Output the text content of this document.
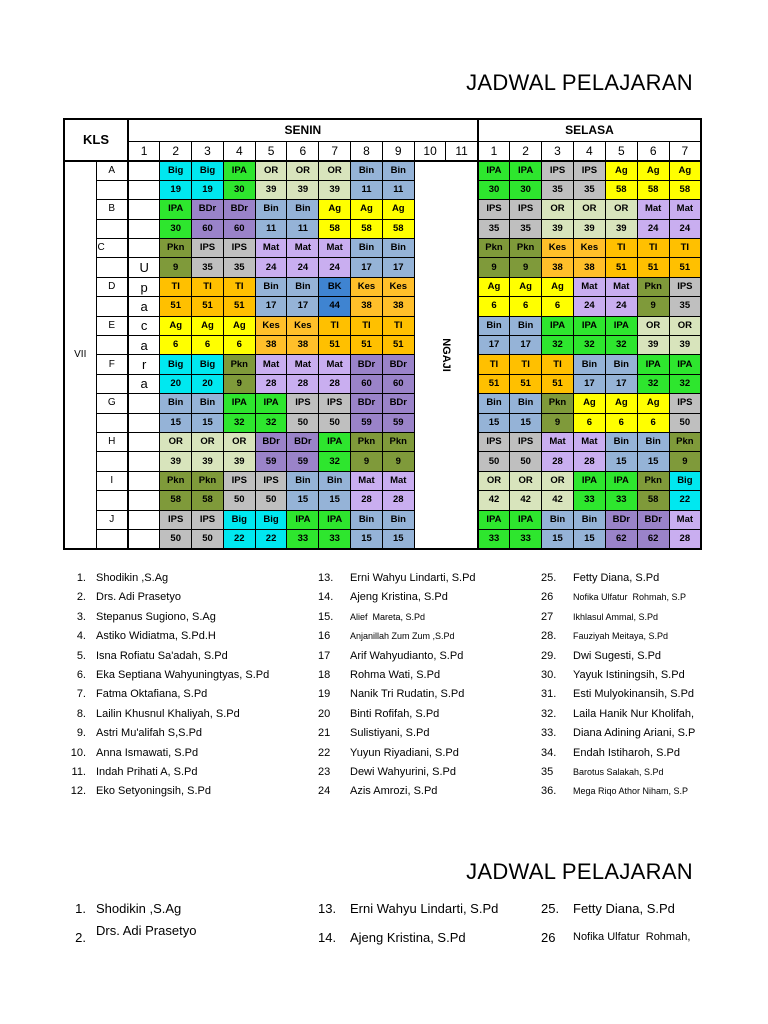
JADWAL PELAJARAN
KLS		SENIN											SELASA						
		1	2	3	4	5	6	7	8	9	10	11	1	2	3	4	5	6	7
VII	A		Big	Big	IPA	OR	OR	OR	Bin	Bin	NGAJI		IPA	IPA	IPS	IPS	Ag	Ag	Ag
			19	19	30	39	39	39	11	11			30	30	35	35	58	58	58
	B		IPA	BDr	BDr	Bin	Bin	Ag	Ag	Ag			IPS	IPS	OR	OR	OR	Mat	Mat
			30	60	60	11	11	58	58	58			35	35	39	39	39	24	24
	C		Pkn	IPS	IPS	Mat	Mat	Mat	Bin	Bin			Pkn	Pkn	Kes	Kes	TI	TI	TI
		U	9	35	35	24	24	24	17	17			9	9	38	38	51	51	51
	D	p	TI	TI	TI	Bin	Bin	BK	Kes	Kes			Ag	Ag	Ag	Mat	Mat	Pkn	IPS
		a	51	51	51	17	17	44	38	38			6	6	6	24	24	9	35
	E	c	Ag	Ag	Ag	Kes	Kes	TI	TI	TI			Bin	Bin	IPA	IPA	IPA	OR	OR
		a	6	6	6	38	38	51	51	51			17	17	32	32	32	39	39
	F	r	Big	Big	Pkn	Mat	Mat	Mat	BDr	BDr			TI	TI	TI	Bin	Bin	IPA	IPA
		a	20	20	9	28	28	28	60	60			51	51	51	17	17	32	32
	G		Bin	Bin	IPA	IPA	IPS	IPS	BDr	BDr			Bin	Bin	Pkn	Ag	Ag	Ag	IPS
			15	15	32	32	50	50	59	59			15	15	9	6	6	6	50
	H		OR	OR	OR	BDr	BDr	IPA	Pkn	Pkn			IPS	IPS	Mat	Mat	Bin	Bin	Pkn
			39	39	39	59	59	32	9	9			50	50	28	28	15	15	9
	I		Pkn	Pkn	IPS	IPS	Bin	Bin	Mat	Mat			OR	OR	OR	IPA	IPA	Pkn	Big
			58	58	50	50	15	15	28	28			42	42	42	33	33	58	22
	J		IPS	IPS	Big	Big	IPA	IPA	Bin	Bin			IPA	IPA	Bin	Bin	BDr	BDr	Mat
			50	50	22	22	33	33	15	15			33	33	15	15	62	62	28
1. Shodikin ,S.Ag
2. Drs. Adi Prasetyo
3. Stepanus Sugiono, S.Ag
4. Astiko Widiatma, S.Pd.H
5. Isna Rofiatu Sa'adah, S.Pd
6. Eka Septiana Wahyuningtyas, S.Pd
7. Fatma Oktafiana, S.Pd
8. Lailin Khusnul Khaliyah, S.Pd
9. Astri Mu'alifah S,S.Pd
10. Anna Ismawati, S.Pd
11. Indah Prihati A, S.Pd
12. Eko Setyoningsih, S.Pd
13. Erni Wahyu Lindarti, S.Pd
14. Ajeng Kristina, S.Pd
15. Alief  Mareta, S.Pd
16 Anjanillah Zum Zum ,S.Pd
17 Arif Wahyudianto, S.Pd
18 Rohma Wati, S.Pd
19 Nanik Tri Rudatin, S.Pd
20 Binti Rofifah, S.Pd
21 Sulistiyani, S.Pd
22 Yuyun Riyadiani, S.Pd
23 Dewi Wahyurini, S.Pd
24 Azis Amrozi, S.Pd
25. Fetty Diana, S.Pd
26 Nofika Ulfatur  Rohmah, S.P
27 Ikhlasul Ammal, S.Pd
28. Fauziyah Meitaya, S.Pd
29. Dwi Sugesti, S.Pd
30. Yayuk Istiningsih, S.Pd
31. Esti Mulyokinansih, S.Pd
32. Laila Hanik Nur Kholifah,
33. Diana Adining Ariani, S.P
34. Endah Istiharoh, S.Pd
35 Barotus Salakah, S.Pd
36. Mega Riqo Athor Niham, S.P
JADWAL PELAJARAN
1. Shodikin ,S.Ag
2. Drs. Adi Prasetyo
13. Erni Wahyu Lindarti, S.Pd
14. Ajeng Kristina, S.Pd
25. Fetty Diana, S.Pd
26 Nofika Ulfatur  Rohmah,
